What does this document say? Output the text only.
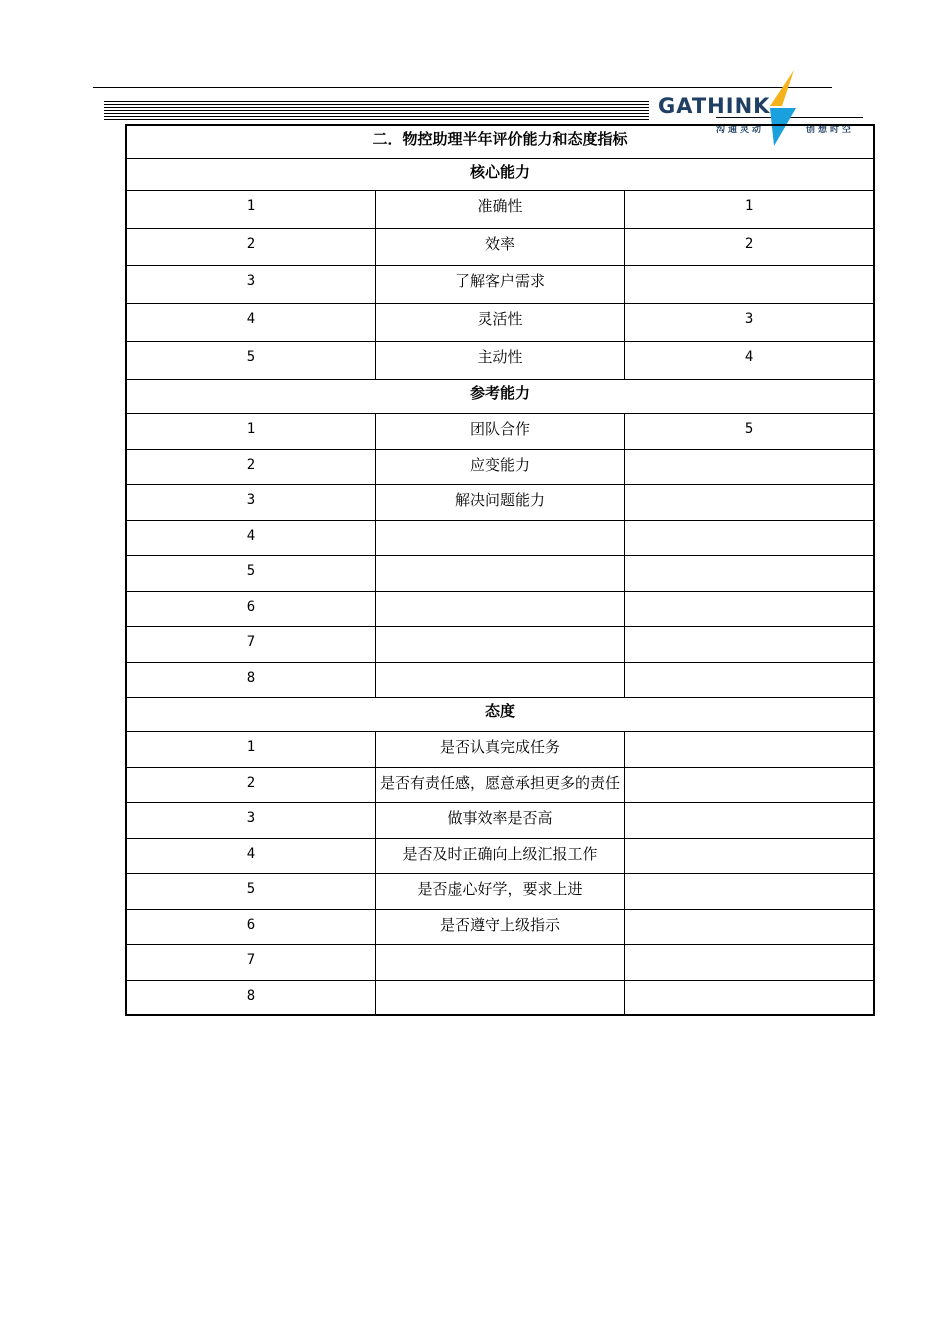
GATHINK
沟通灵动	创想时空
二．物控助理半年评价能力和态度指标		

核心能力		

1	准确性	1

2	效率	2

3	了解客户需求	

4	灵活性	3

5	主动性	4

参考能力		

1	团队合作	5

2	应变能力	

3	解决问题能力	

4		

5		

6		

7		

8		

态度		

1	是否认真完成任务	

2	是否有责任感，愿意承担更多的责任	

3	做事效率是否高	

4	是否及时正确向上级汇报工作	

5	是否虚心好学，要求上进	

6	是否遵守上级指示	

7		

8		
